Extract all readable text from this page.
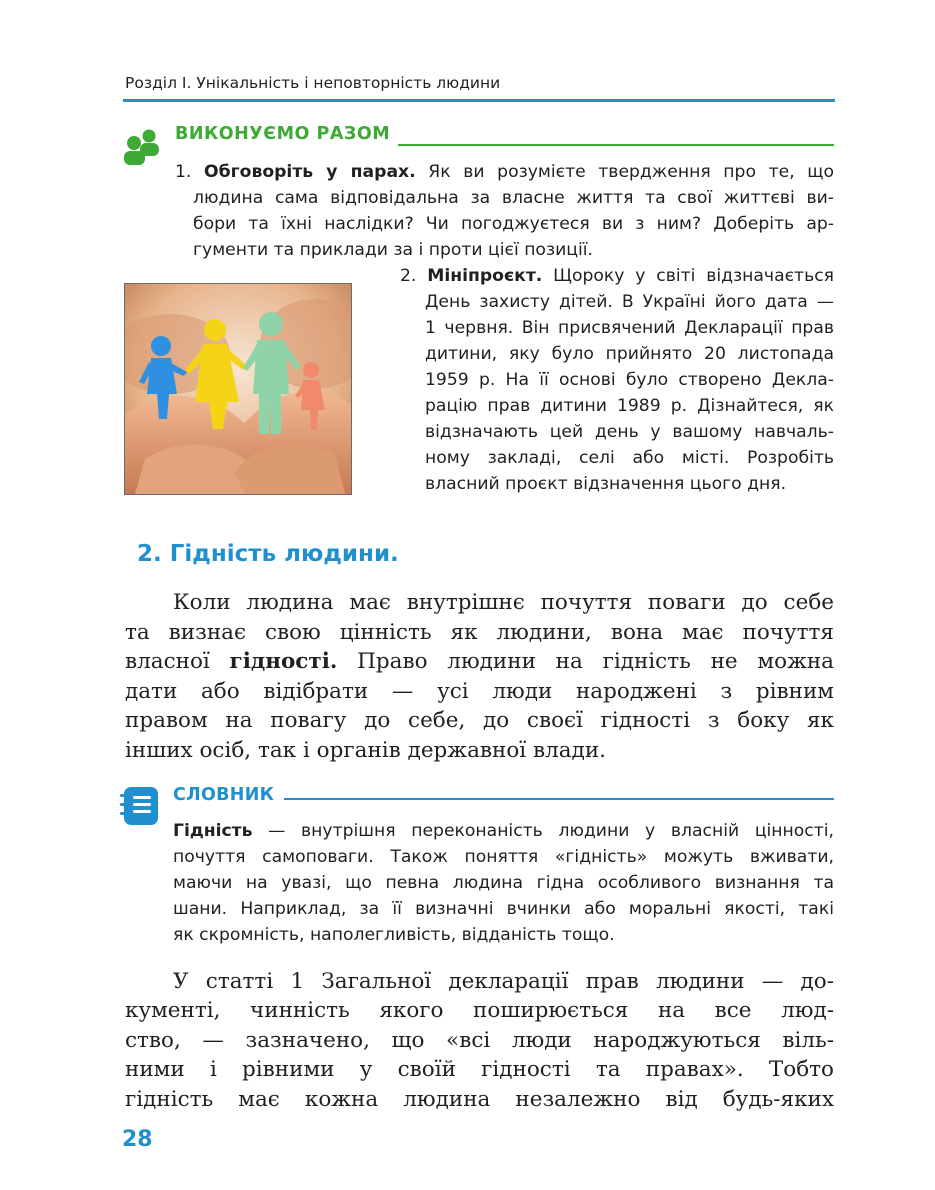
Розділ І. Унікальність і неповторність людини
ВИКОНУЄМО РАЗОМ
1. Обговоріть у парах. Як ви розумієте твердження про те, що
людина сама відповідальна за власне життя та свої життєві ви-
бори та їхні наслідки? Чи погоджуєтеся ви з ним? Доберіть ар-
гументи та приклади за і проти цієї позиції.
2. Мініпроєкт. Щороку у світі відзначається
День захисту дітей. В Україні його дата —
1 червня. Він присвячений Декларації прав
дитини, яку було прийнято 20 листопада
1959 р. На її основі було створено Декла-
рацію прав дитини 1989 р. Дізнайтеся, як
відзначають цей день у вашому навчаль-
ному закладі, селі або місті. Розробіть
власний проєкт відзначення цього дня.
2. Гідність людини.
Коли людина має внутрішнє почуття поваги до себе
та визнає свою цінність як людини, вона має почуття
власної гідності. Право людини на гідність не можна
дати або відібрати — усі люди народжені з рівним
правом на повагу до себе, до своєї гідності з боку як
інших осіб, так і органів державної влади.
СЛОВНИК
Гідність — внутрішня переконаність людини у власній цінності,
почуття самоповаги. Також поняття «гідність» можуть вживати,
маючи на увазі, що певна людина гідна особливого визнання та
шани. Наприклад, за її визначні вчинки або моральні якості, такі
як скромність, наполегливість, відданість тощо.
У статті 1 Загальної декларації прав людини — до-
кументі, чинність якого поширюється на все люд-
ство, — зазначено, що «всі люди народжуються віль-
ними і рівними у своїй гідності та правах». Тобто
гідність має кожна людина незалежно від будь-яких
28
